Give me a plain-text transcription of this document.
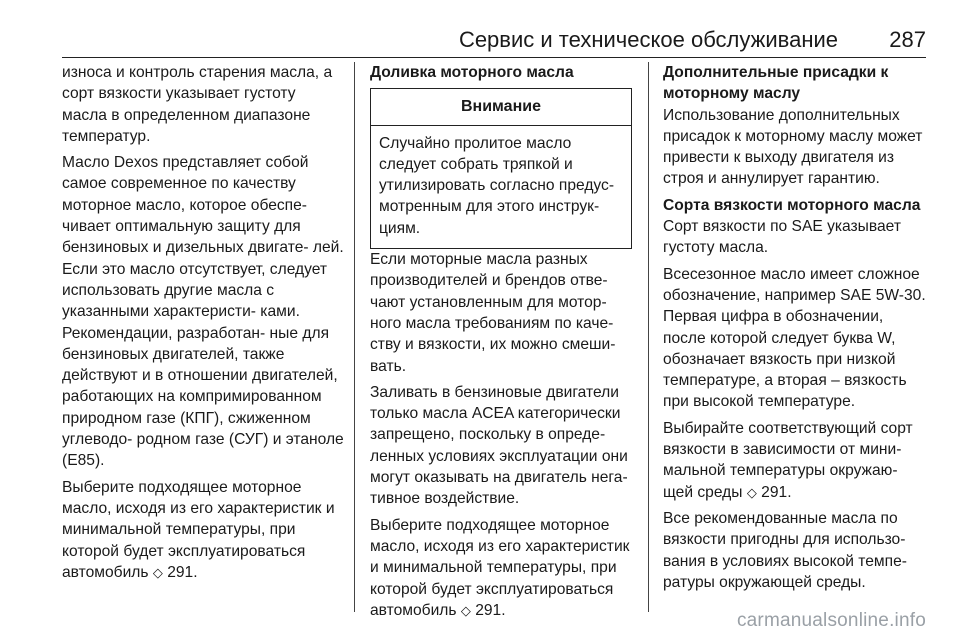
Сервис и техническое обслуживание 287

износа и контроль старения масла, а сорт вязкости указывает густоту масла в определенном диапазоне температур.

Масло Dexos представляет собой самое современное по качеству моторное масло, которое обеспе- чивает оптимальную защиту для бензиновых и дизельных двигате- лей. Если это масло отсутствует, следует использовать другие масла с указанными характеристи- ками. Рекомендации, разработан- ные для бензиновых двигателей, также действуют и в отношении двигателей, работающих на компримированном природном газе (КПГ), сжиженном углеводо- родном газе (СУГ) и этаноле (E85).

Выберите подходящее моторное масло, исходя из его характеристик и минимальной температуры, при которой будет эксплуатироваться автомобиль ◇ 291.

Доливка моторного масла
Внимание
Случайно пролитое масло следует собрать тряпкой и утилизировать согласно предус- мотренным для этого инструк- циям.

Если моторные масла разных производителей и брендов отве- чают установленным для мотор- ного масла требованиям по каче- ству и вязкости, их можно смеши- вать.

Заливать в бензиновые двигатели только масла ACEA категорически запрещено, поскольку в опреде- ленных условиях эксплуатации они могут оказывать на двигатель нега- тивное воздействие.

Выберите подходящее моторное масло, исходя из его характеристик и минимальной температуры, при которой будет эксплуатироваться автомобиль ◇ 291.

Дополнительные присадки к моторному маслу

Использование дополнительных присадок к моторному маслу может привести к выходу двигателя из строя и аннулирует гарантию.

Сорта вязкости моторного масла

Сорт вязкости по SAE указывает густоту масла.

Всесезонное масло имеет сложное обозначение, например SAE 5W-30. Первая цифра в обозначении, после которой следует буква W, обозначает вязкость при низкой температуре, а вторая – вязкость при высокой температуре.

Выбирайте соответствующий сорт вязкости в зависимости от мини- мальной температуры окружаю- щей среды ◇ 291.

Все рекомендованные масла по вязкости пригодны для использо- вания в условиях высокой темпе- ратуры окружающей среды.

carmanualsonline.info
